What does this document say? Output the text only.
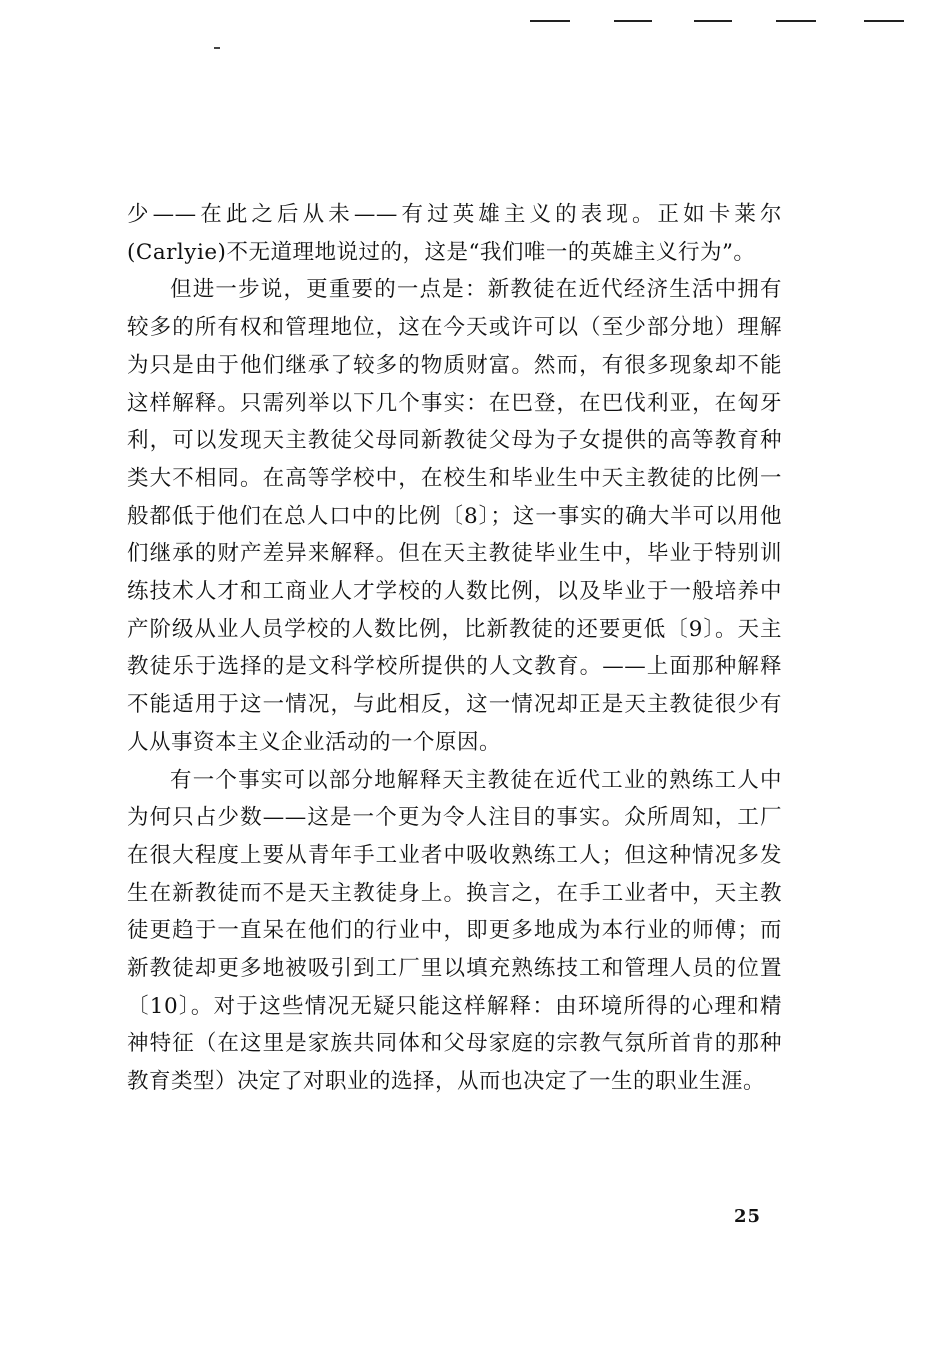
少——在此之后从未——有过英雄主义的表现。正如卡莱尔(Carlyie)不无道理地说过的，这是“我们唯一的英雄主义行为”。

但进一步说，更重要的一点是：新教徒在近代经济生活中拥有较多的所有权和管理地位，这在今天或许可以（至少部分地）理解为只是由于他们继承了较多的物质财富。然而，有很多现象却不能这样解释。只需列举以下几个事实：在巴登，在巴伐利亚，在匈牙利，可以发现天主教徒父母同新教徒父母为子女提供的高等教育种类大不相同。在高等学校中，在校生和毕业生中天主教徒的比例一般都低于他们在总人口中的比例〔8〕；这一事实的确大半可以用他们继承的财产差异来解释。但在天主教徒毕业生中，毕业于特别训练技术人才和工商业人才学校的人数比例，以及毕业于一般培养中产阶级从业人员学校的人数比例，比新教徒的还要更低〔9〕。天主教徒乐于选择的是文科学校所提供的人文教育。——上面那种解释不能适用于这一情况，与此相反，这一情况却正是天主教徒很少有人从事资本主义企业活动的一个原因。

有一个事实可以部分地解释天主教徒在近代工业的熟练工人中为何只占少数——这是一个更为令人注目的事实。众所周知，工厂在很大程度上要从青年手工业者中吸收熟练工人；但这种情况多发生在新教徒而不是天主教徒身上。换言之，在手工业者中，天主教徒更趋于一直呆在他们的行业中，即更多地成为本行业的师傅；而新教徒却更多地被吸引到工厂里以填充熟练技工和管理人员的位置〔10〕。对于这些情况无疑只能这样解释：由环境所得的心理和精神特征（在这里是家族共同体和父母家庭的宗教气氛所首肯的那种教育类型）决定了对职业的选择，从而也决定了一生的职业生涯。

25
